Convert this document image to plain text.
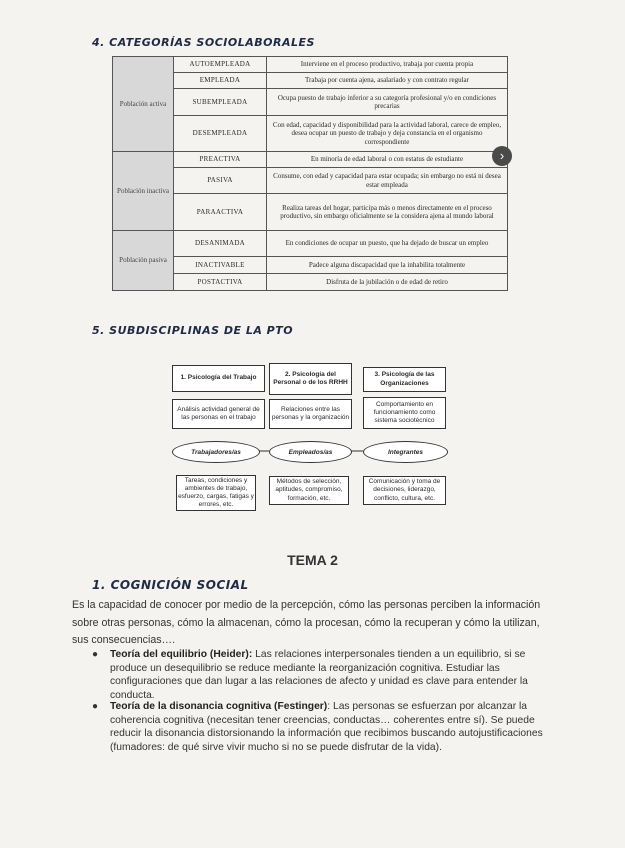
4. CATEGORÍAS SOCIOLABORALES
Población activa	AUTOEMPLEADA	Interviene en el proceso productivo, trabaja por cuenta propia
	EMPLEADA	Trabaja por cuenta ajena, asalariado y con contrato regular
	SUBEMPLEADA	Ocupa puesto de trabajo inferior a su categoría profesional y/o en condiciones precarias
	DESEMPLEADA	Con edad, capacidad y disponibilidad para la actividad laboral, carece de empleo, desea ocupar un puesto de trabajo y deja constancia en el organismo correspondiente
Población inactiva	PREACTIVA	En minoría de edad laboral o con estatus de estudiante
	PASIVA	Consume, con edad y capacidad para estar ocupada; sin embargo no está ni desea estar empleada
	PARAACTIVA	Realiza tareas del hogar, participa más o menos directamente en el proceso productivo, sin embargo oficialmente se la considera ajena al mundo laboral
Población pasiva	DESANIMADA	En condiciones de ocupar un puesto, que ha dejado de buscar un empleo
	INACTIVABLE	Padece alguna discapacidad que la inhabilita totalmente
	POSTACTIVA	Disfruta de la jubilación o de edad de retiro
›
5. SUBDISCIPLINAS DE LA PTO
1. Psicología del Trabajo
2. Psicología del Personal o de los RRHH
3. Psicología de las Organizaciones
Análisis actividad general de las personas en el trabajo
Relaciones entre las personas y la organización
Comportamiento en funcionamiento como sistema sociotécnico
Trabajadores/as	Empleados/as	Integrantes
Tareas, condiciones y ambientes de trabajo, esfuerzo, cargas, fatigas y errores, etc.
Métodos de selección, aptitudes, compromiso, formación, etc.
Comunicación y toma de decisiones, liderazgo, conflicto, cultura, etc.
TEMA 2
1. COGNICIÓN SOCIAL
Es la capacidad de conocer por medio de la percepción, cómo las personas perciben la información sobre otras personas, cómo la almacenan, cómo la procesan, cómo la recuperan y cómo la utilizan, sus consecuencias….
● Teoría del equilibrio (Heider): Las relaciones interpersonales tienden a un equilibrio, si se produce un desequilibrio se reduce mediante la reorganización cognitiva. Estudiar las configuraciones que dan lugar a las relaciones de afecto y unidad es clave para entender la conducta.
● Teoría de la disonancia cognitiva (Festinger): Las personas se esfuerzan por alcanzar la coherencia cognitiva (necesitan tener creencias, conductas… coherentes entre sí). Se puede reducir la disonancia distorsionando la información que recibimos buscando autojustificaciones (fumadores: de qué sirve vivir mucho si no se puede disfrutar de la vida).
